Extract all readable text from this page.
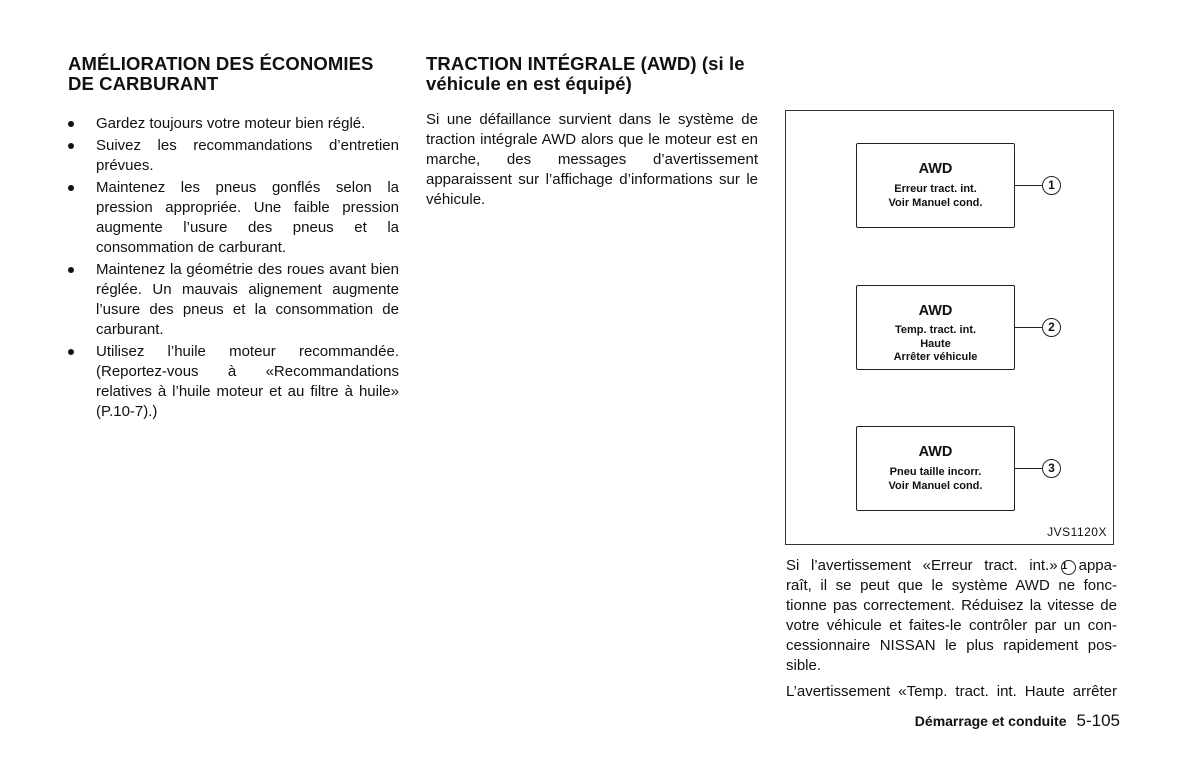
AMÉLIORATION DES ÉCONOMIES
DE CARBURANT
Gardez toujours votre moteur bien réglé.
Suivez les recommandations d’entretien prévues.
Maintenez les pneus gonflés selon la pression appropriée. Une faible pression augmente l’usure des pneus et la consommation de carburant.
Maintenez la géométrie des roues avant bien réglée. Un mauvais alignement augmente l’usure des pneus et la consommation de carburant.
Utilisez l’huile moteur recommandée. (Reportez-vous à «Recommandations relatives à l’huile moteur et au filtre à huile» (P.10-7).)
TRACTION INTÉGRALE (AWD) (si le
véhicule en est équipé)

Si une défaillance survient dans le système de traction intégrale AWD alors que le moteur est en marche, des messages d’avertissement apparaissent sur l’affichage d’informations sur le véhicule.

AWD
Erreur tract. int.
Voir Manuel cond.
1
AWD
Temp. tract. int.
Haute
Arrêter véhicule
2
AWD
Pneu taille incorr.
Voir Manuel cond.
3
JVS1120X

Si l’avertissement «Erreur tract. int.» 1 appa-
raît, il se peut que le système AWD ne fonc-
tionne pas correctement. Réduisez la vitesse de
votre véhicule et faites-le contrôler par un con-
cessionnaire NISSAN le plus rapidement pos-
sible.

L’avertissement «Temp. tract. int. Haute arrêter

Démarrage et conduite 5-105
